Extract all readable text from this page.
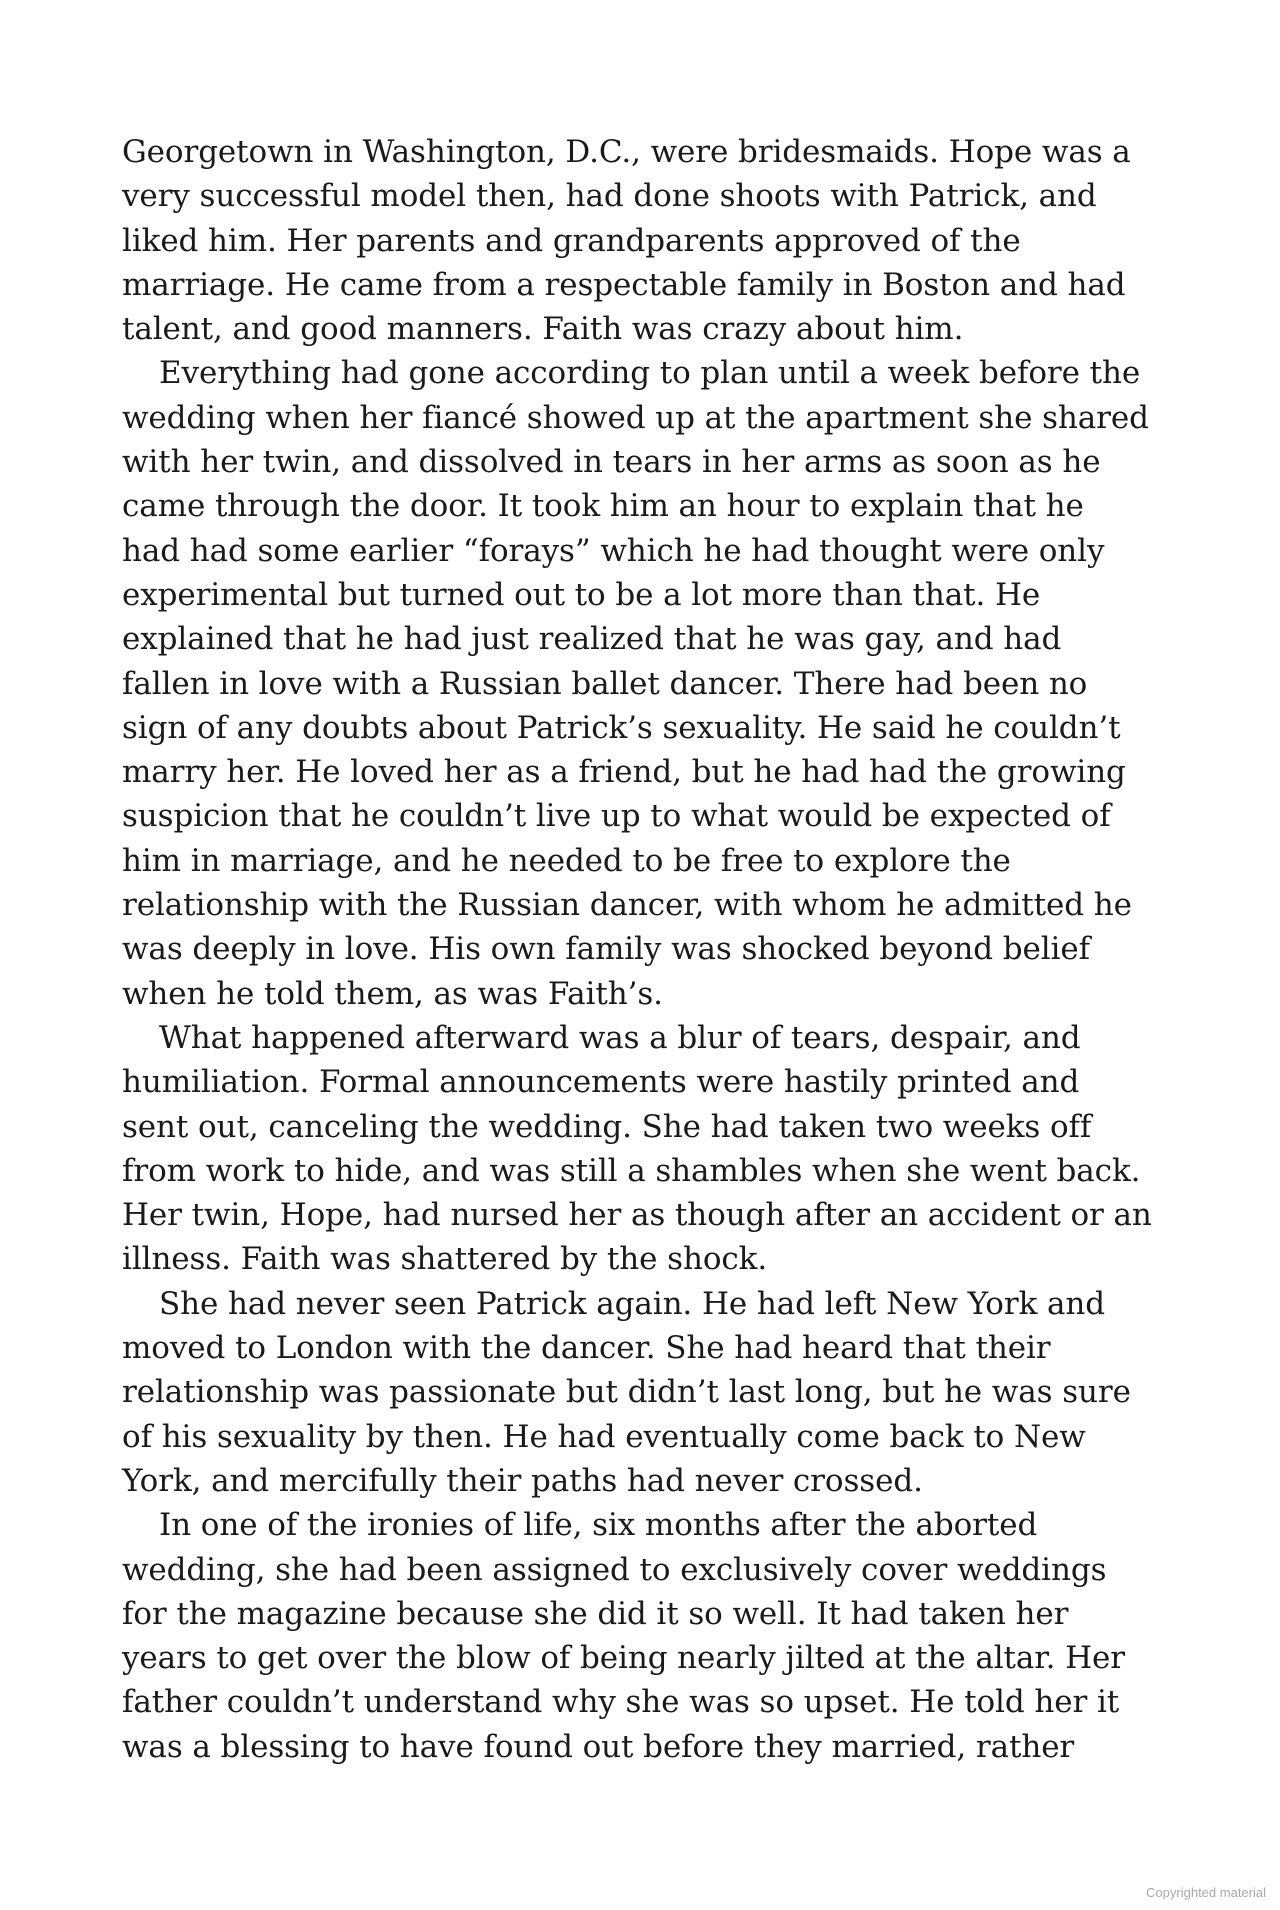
Georgetown in Washington, D.C., were bridesmaids. Hope was a
very successful model then, had done shoots with Patrick, and
liked him. Her parents and grandparents approved of the
marriage. He came from a respectable family in Boston and had
talent, and good manners. Faith was crazy about him.
Everything had gone according to plan until a week before the
wedding when her fiancé showed up at the apartment she shared
with her twin, and dissolved in tears in her arms as soon as he
came through the door. It took him an hour to explain that he
had had some earlier “forays” which he had thought were only
experimental but turned out to be a lot more than that. He
explained that he had just realized that he was gay, and had
fallen in love with a Russian ballet dancer. There had been no
sign of any doubts about Patrick’s sexuality. He said he couldn’t
marry her. He loved her as a friend, but he had had the growing
suspicion that he couldn’t live up to what would be expected of
him in marriage, and he needed to be free to explore the
relationship with the Russian dancer, with whom he admitted he
was deeply in love. His own family was shocked beyond belief
when he told them, as was Faith’s.
What happened afterward was a blur of tears, despair, and
humiliation. Formal announcements were hastily printed and
sent out, canceling the wedding. She had taken two weeks off
from work to hide, and was still a shambles when she went back.
Her twin, Hope, had nursed her as though after an accident or an
illness. Faith was shattered by the shock.
She had never seen Patrick again. He had left New York and
moved to London with the dancer. She had heard that their
relationship was passionate but didn’t last long, but he was sure
of his sexuality by then. He had eventually come back to New
York, and mercifully their paths had never crossed.
In one of the ironies of life, six months after the aborted
wedding, she had been assigned to exclusively cover weddings
for the magazine because she did it so well. It had taken her
years to get over the blow of being nearly jilted at the altar. Her
father couldn’t understand why she was so upset. He told her it
was a blessing to have found out before they married, rather
Copyrighted material
